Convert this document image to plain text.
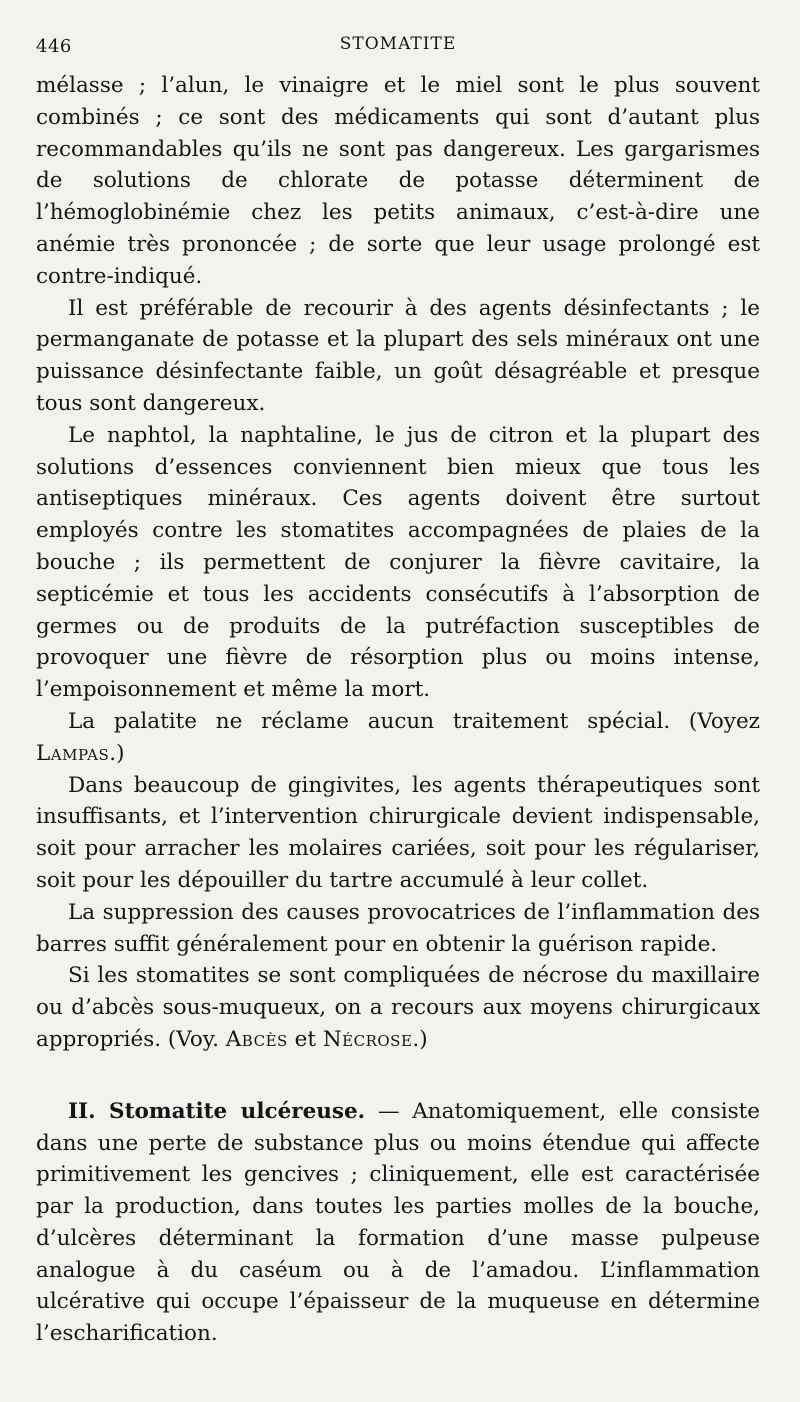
446	STOMATITE

mélasse ; l’alun, le vinaigre et le miel sont le plus souvent combinés ; ce sont des médicaments qui sont d’autant plus recommandables qu’ils ne sont pas dangereux. Les gargarismes de solutions de chlorate de potasse déterminent de l’hémoglobinémie chez les petits animaux, c’est-à-dire une anémie très prononcée ; de sorte que leur usage prolongé est contre-indiqué.

Il est préférable de recourir à des agents désinfectants ; le permanganate de potasse et la plupart des sels minéraux ont une puissance désinfectante faible, un goût désagréable et presque tous sont dangereux.

Le naphtol, la naphtaline, le jus de citron et la plupart des solutions d’essences conviennent bien mieux que tous les antiseptiques minéraux. Ces agents doivent être surtout employés contre les stomatites accompagnées de plaies de la bouche ; ils permettent de conjurer la fièvre cavitaire, la septicémie et tous les accidents consécutifs à l’absorption de germes ou de produits de la putréfaction susceptibles de provoquer une fièvre de résorption plus ou moins intense, l’empoisonnement et même la mort.

La palatite ne réclame aucun traitement spécial. (Voyez Lampas.)

Dans beaucoup de gingivites, les agents thérapeutiques sont insuffisants, et l’intervention chirurgicale devient indispensable, soit pour arracher les molaires cariées, soit pour les régulariser, soit pour les dépouiller du tartre accumulé à leur collet.

La suppression des causes provocatrices de l’inflammation des barres suffit généralement pour en obtenir la guérison rapide.

Si les stomatites se sont compliquées de nécrose du maxillaire ou d’abcès sous-muqueux, on a recours aux moyens chirurgicaux appropriés. (Voy. Abcès et Nécrose.)

II. Stomatite ulcéreuse. — Anatomiquement, elle consiste dans une perte de substance plus ou moins étendue qui affecte primitivement les gencives ; cliniquement, elle est caractérisée par la production, dans toutes les parties molles de la bouche, d’ulcères déterminant la formation d’une masse pulpeuse analogue à du caséum ou à de l’amadou. L’inflammation ulcérative qui occupe l’épaisseur de la muqueuse en détermine l’escharification.
